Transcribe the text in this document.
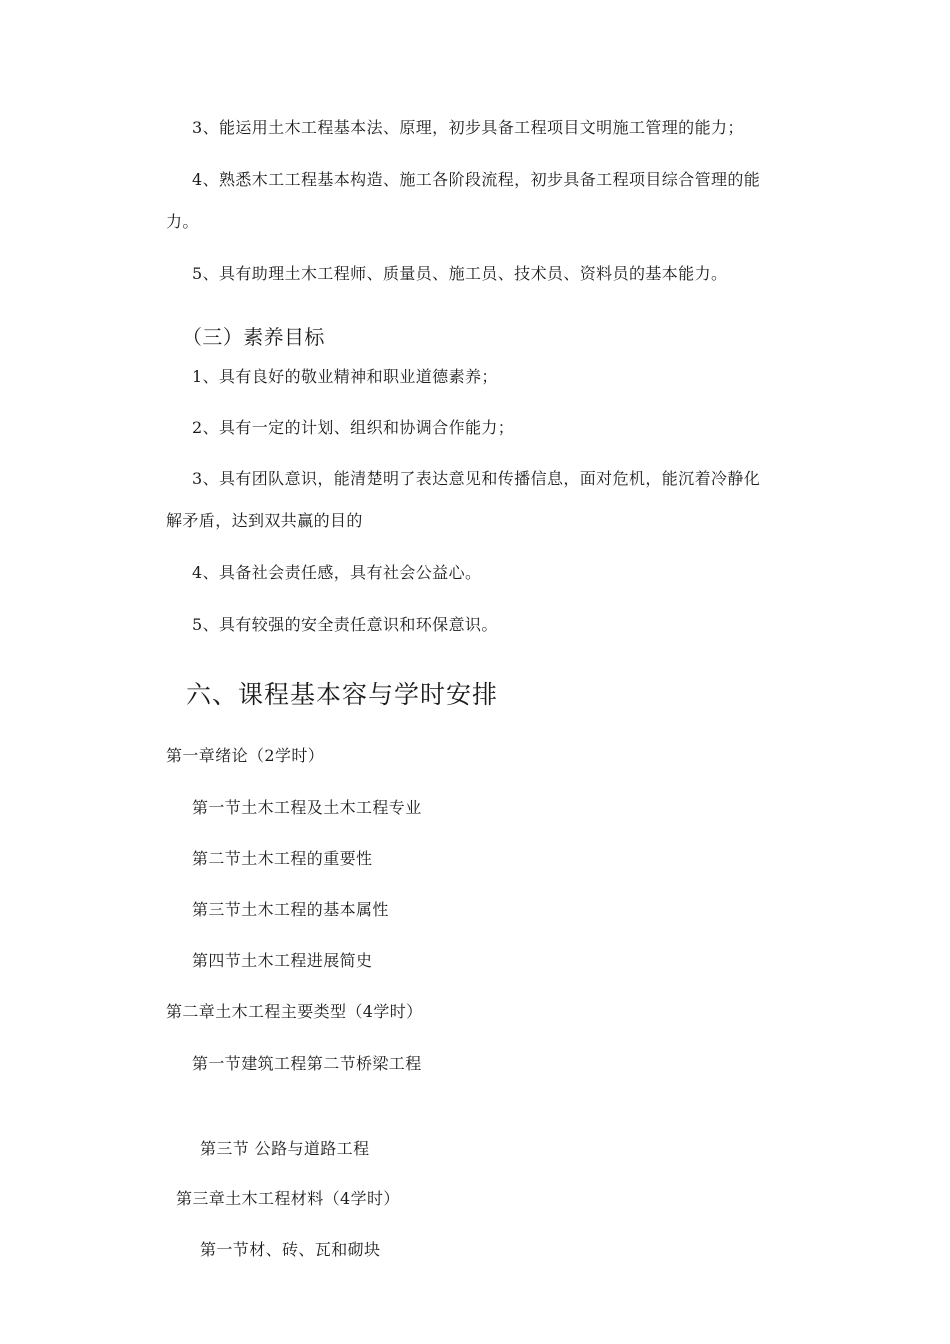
3、能运用土木工程基本法、原理，初步具备工程项目文明施工管理的能力；
4、熟悉木工工程基本构造、施工各阶段流程，初步具备工程项目综合管理的能
力。
5、具有助理土木工程师、质量员、施工员、技术员、资料员的基本能力。
（三）素养目标
1、具有良好的敬业精神和职业道德素养；
2、具有一定的计划、组织和协调合作能力；
3、具有团队意识，能清楚明了表达意见和传播信息，面对危机，能沉着冷静化
解矛盾，达到双共赢的目的
4、具备社会责任感，具有社会公益心。
5、具有较强的安全责任意识和环保意识。
六、课程基本容与学时安排
第一章绪论（2学时）
第一节土木工程及土木工程专业
第二节土木工程的重要性
第三节土木工程的基本属性
第四节土木工程进展简史
第二章土木工程主要类型（4学时）
第一节建筑工程第二节桥梁工程
第三节 公路与道路工程
第三章土木工程材料（4学时）
第一节材、砖、瓦和砌块
